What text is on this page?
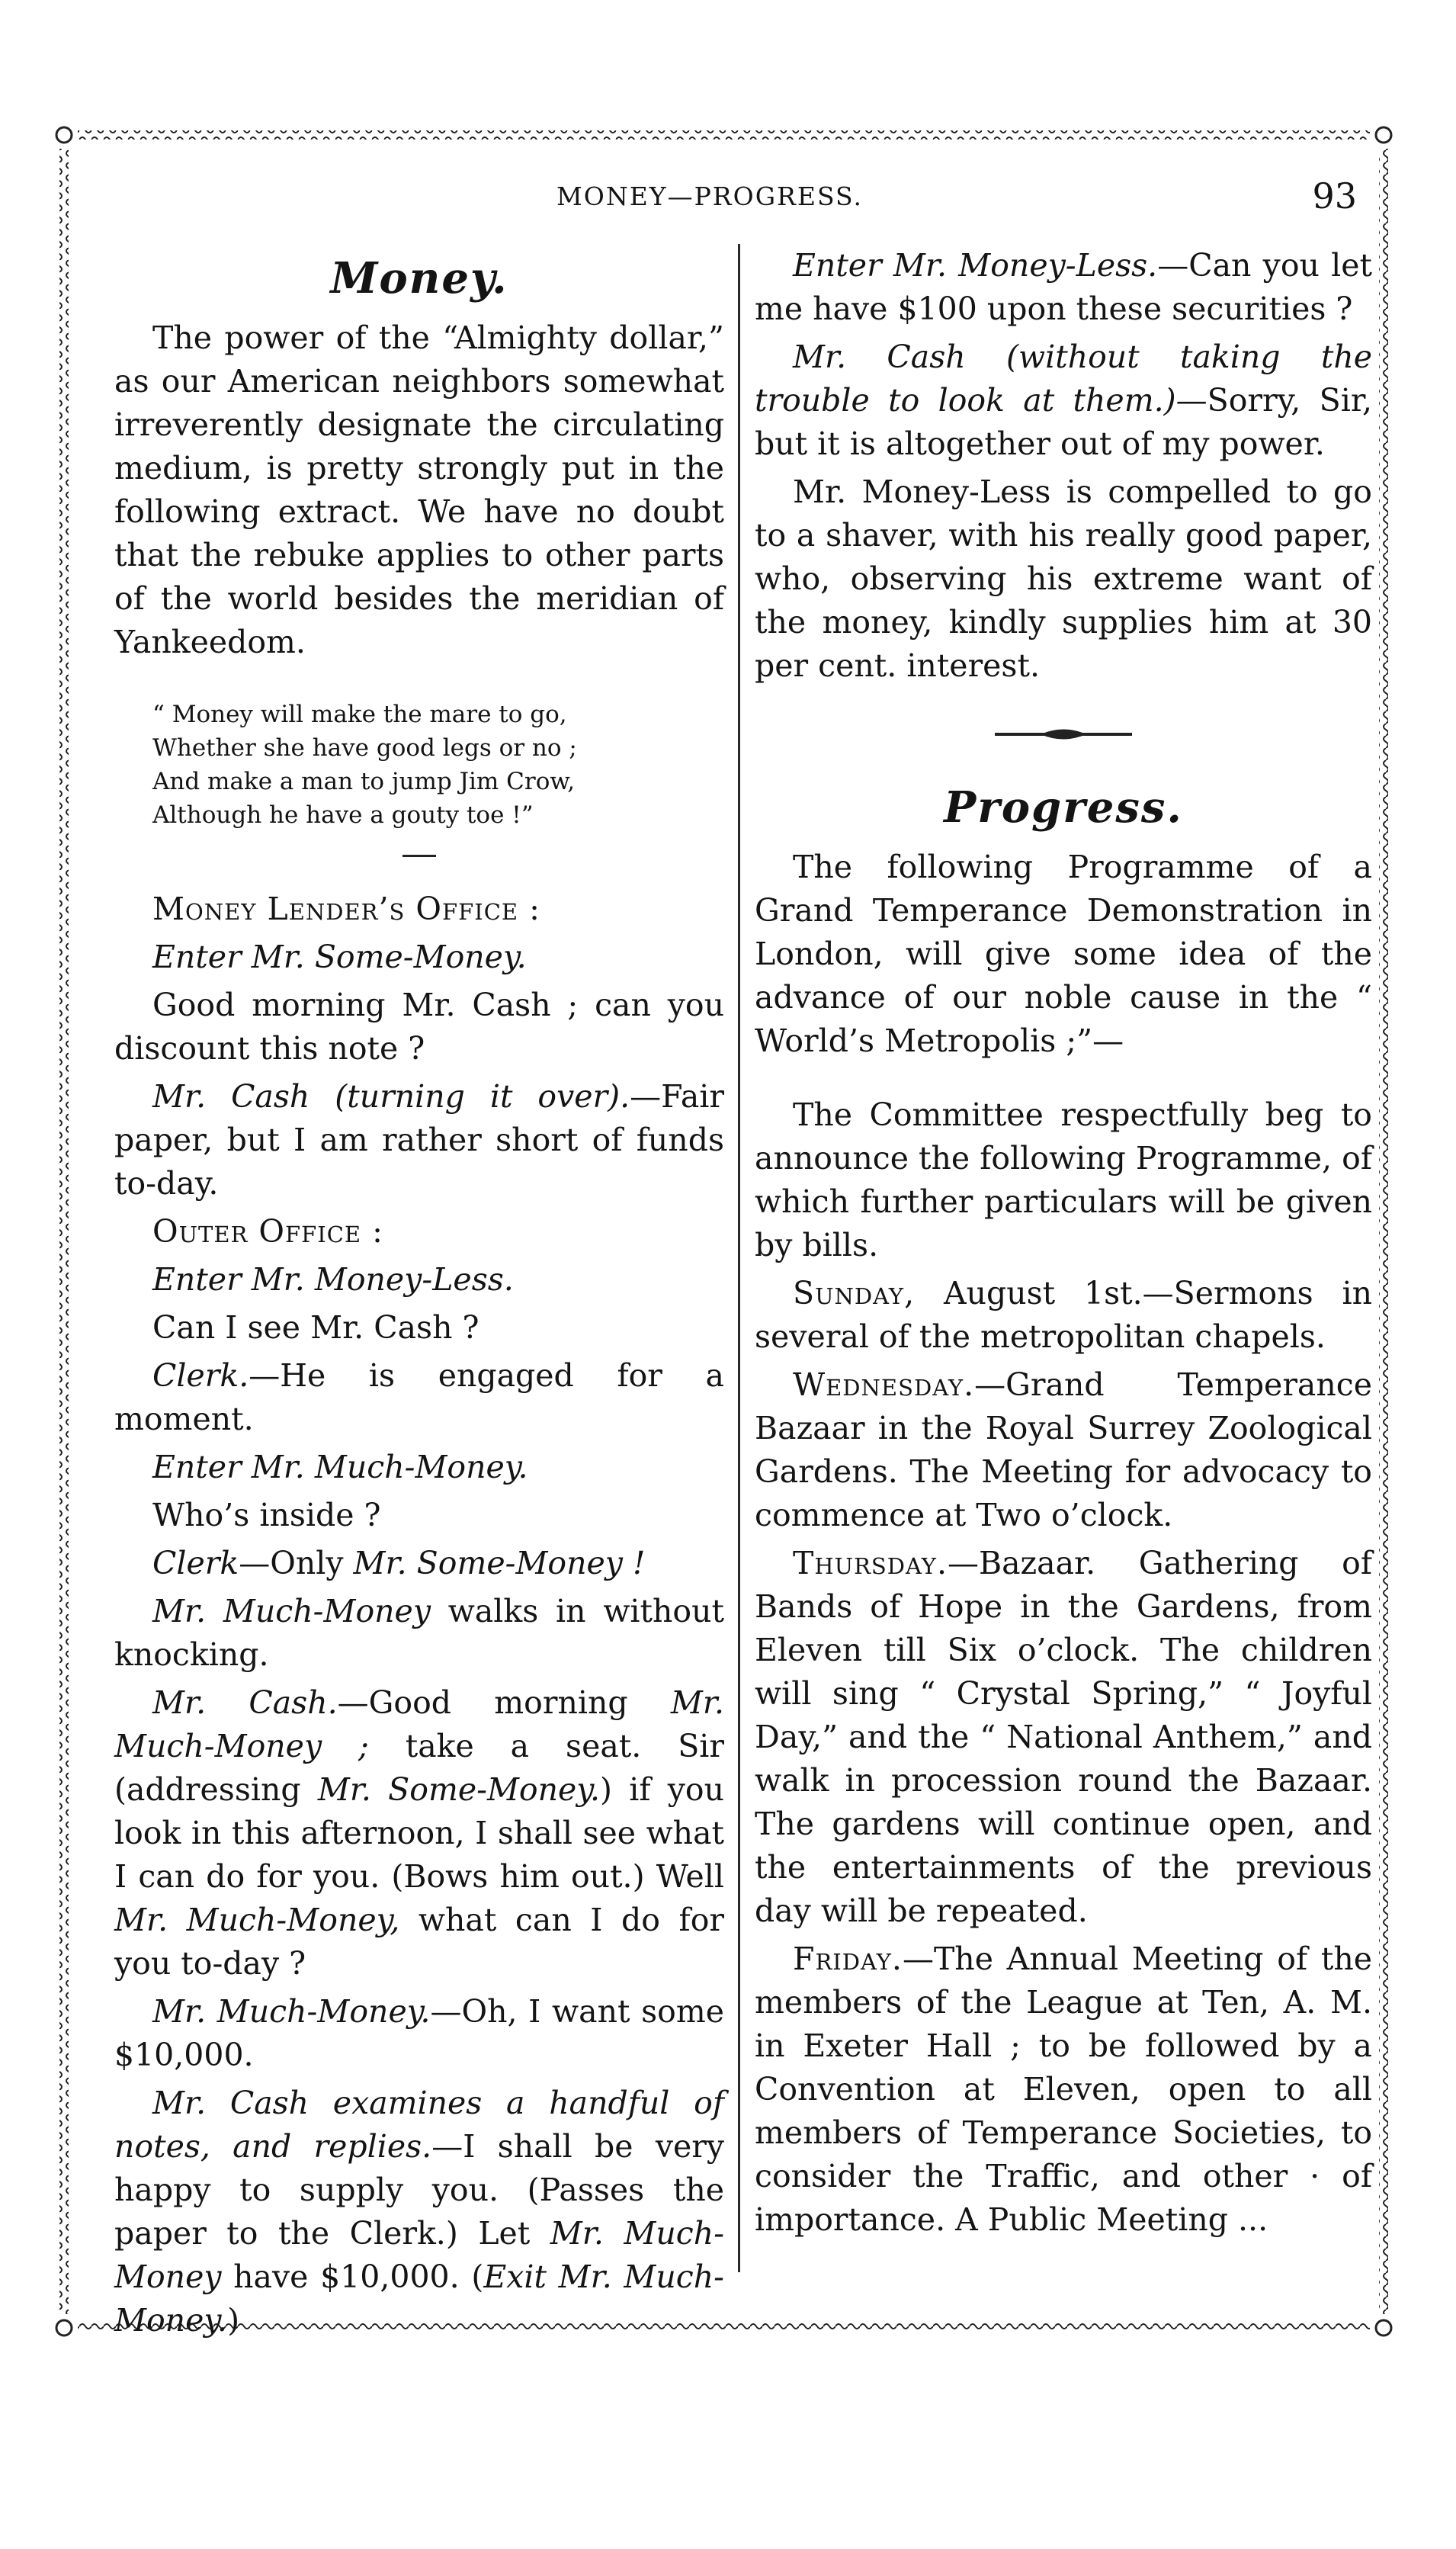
MONEY—PROGRESS.	93
Money.

The power of the “Almighty dollar,” as our American neighbors somewhat irreverently designate the circulating medium, is pretty strongly put in the following extract. We have no doubt that the rebuke applies to other parts of the world besides the meridian of Yankeedom.

“ Money will make the mare to go,

Whether she have good legs or no ;

And make a man to jump Jim Crow,

Although he have a gouty toe !”

Money Lender’s Office :

Enter Mr. Some-Money.

Good morning Mr. Cash ; can you discount this note ?

Mr. Cash (turning it over).—Fair paper, but I am rather short of funds to-day.

Outer Office :

Enter Mr. Money-Less.

Can I see Mr. Cash ?

Clerk.—He is engaged for a moment.

Enter Mr. Much-Money.

Who’s inside ?

Clerk—Only Mr. Some-Money !

Mr. Much-Money walks in without knocking.

Mr. Cash.—Good morning Mr. Much-Money ; take a seat. Sir (addressing Mr. Some-Money.) if you look in this afternoon, I shall see what I can do for you. (Bows him out.) Well Mr. Much-Money, what can I do for you to-day ?

Mr. Much-Money.—Oh, I want some $10,000.

Mr. Cash examines a handful of notes, and replies.—I shall be very happy to supply you. (Passes the paper to the Clerk.) Let Mr. Much-Money have $10,000. (Exit Mr. Much-Money.)

Enter Mr. Money-Less.—Can you let me have $100 upon these securities ?

Mr. Cash (without taking the trouble to look at them.)—Sorry, Sir, but it is altogether out of my power.

Mr. Money-Less is compelled to go to a shaver, with his really good paper, who, observing his extreme want of the money, kindly supplies him at 30 per cent. interest.

Progress.

The following Programme of a Grand Temperance Demonstration in London, will give some idea of the advance of our noble cause in the “ World’s Metropolis ;”—

The Committee respectfully beg to announce the following Programme, of which further particulars will be given by bills.

Sunday, August 1st.—Sermons in several of the metropolitan chapels.

Wednesday.—Grand Temperance Bazaar in the Royal Surrey Zoological Gardens. The Meeting for advocacy to commence at Two o’clock.

Thursday.—Bazaar. Gathering of Bands of Hope in the Gardens, from Eleven till Six o’clock. The children will sing “ Crystal Spring,” “ Joyful Day,” and the “ National Anthem,” and walk in procession round the Bazaar. The gardens will continue open, and the entertainments of the previous day will be repeated.

Friday.—The Annual Meeting of the members of the League at Ten, A. M. in Exeter Hall ; to be followed by a Convention at Eleven, open to all members of Temperance Societies, to consider the Traffic, and other · of importance. A Public Meeting ...
